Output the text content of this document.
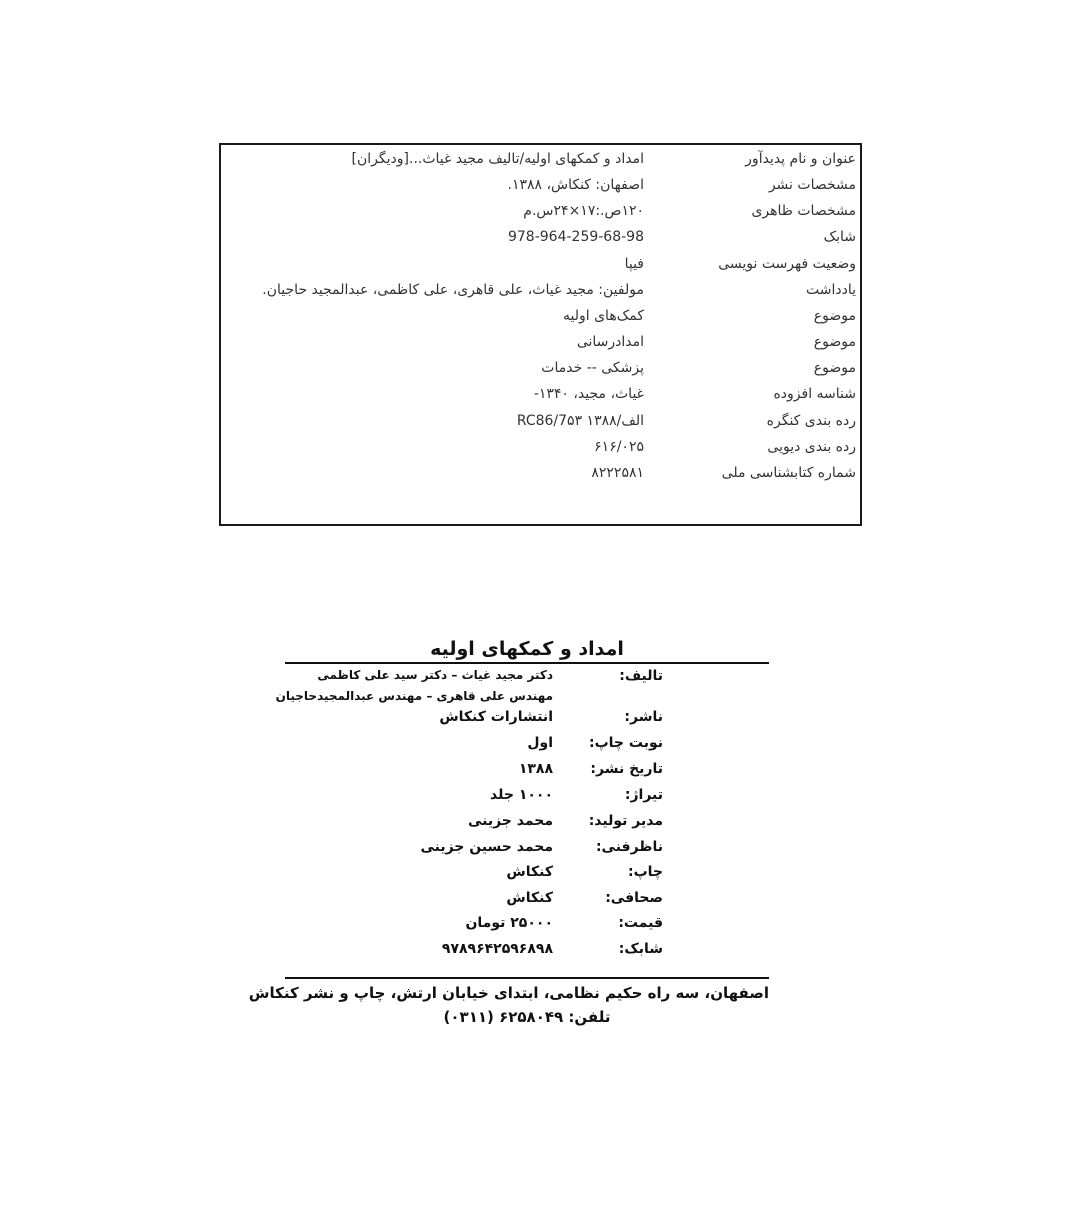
عنوان و نام پدیدآور
امداد و کمکهای اولیه/تالیف مجید غیاث...[ودیگران]
مشخصات نشر
اصفهان: کنکاش، ۱۳۸۸.
مشخصات ظاهری
۱۲۰ص.:۱۷×۲۴س.م
شابک
978-964-259-68-98
وضعیت فهرست نویسی
فیپا
یادداشت
مولفین: مجید غیاث، علی قاهری، علی کاظمی، عبدالمجید حاجیان.
موضوع
کمک‌های اولیه
موضوع
امدادرسانی
موضوع
پزشکی -- خدمات
شناسه افزوده
غیاث، مجید، ۱۳۴۰-
رده بندی کنگره
الف/RC86/7۵۳ ۱۳۸۸
رده بندی دیویی
۶۱۶/۰۲۵
شماره کتابشناسی ملی
۸۲۲۲۵۸۱
امداد و کمکهای اولیه
تالیف:
دکتر مجید غیاث – دکتر سید علی کاظمی
مهندس علی قاهری – مهندس عبدالمجیدحاجیان
ناشر:
انتشارات کنکاش
نوبت چاپ:
اول
تاریخ نشر:
۱۳۸۸
تیراژ:
۱۰۰۰ جلد
مدیر تولید:
محمد جزینی
ناظرفنی:
محمد حسین جزینی
چاپ:
کنکاش
صحافی:
کنکاش
قیمت:
۲۵۰۰۰ تومان
شابک:
۹۷۸۹۶۴۲۵۹۶۸۹۸
اصفهان، سه راه حکیم نظامی، ابتدای خیابان ارتش، چاپ و نشر کنکاش
تلفن: ۶۲۵۸۰۴۹ (۰۳۱۱)
